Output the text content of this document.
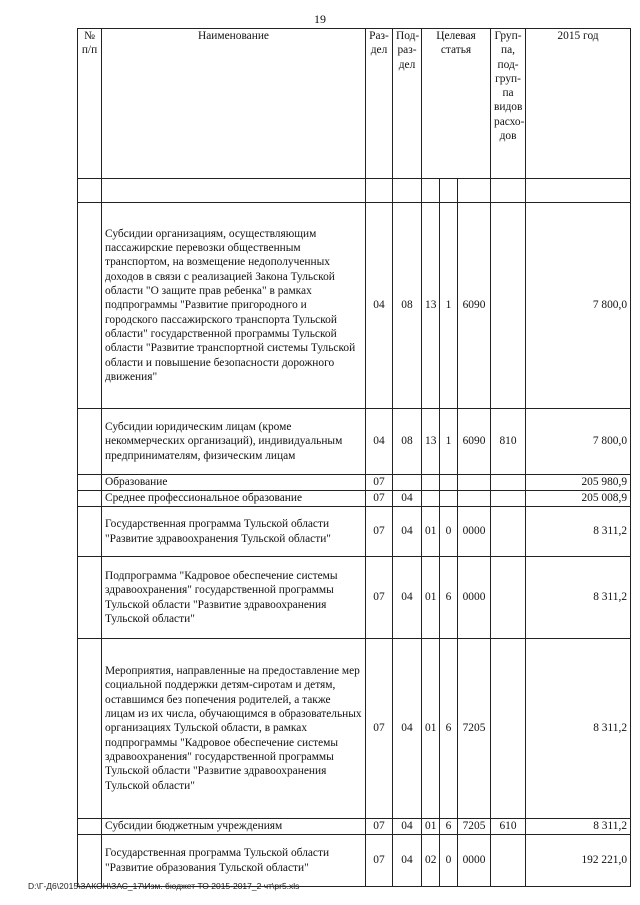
19
№ п/п	Наименование	Раз-дел	Под-раз-дел	Целевая статья			Груп-па, под-груп-па видов расхо-дов	2015 год

	Субсидии организациям, осуществляющим пассажирские перевозки общественным транспортом, на возмещение недополученных доходов в связи с реализацией Закона Тульской области "О защите прав ребенка" в рамках подпрограммы "Развитие пригородного и городского пассажирского транспорта Тульской области" государственной программы Тульской области "Развитие транспортной системы Тульской области и повышение безопасности дорожного движения"	04	08	13	1	6090		7 800,0
	Субсидии юридическим лицам (кроме некоммерческих организаций), индивидуальным предпринимателям, физическим лицам	04	08	13	1	6090	810	7 800,0
	Образование	07						205 980,9
	Среднее профессиональное образование	07	04					205 008,9
	Государственная программа Тульской области "Развитие здравоохранения Тульской области"	07	04	01	0	0000		8 311,2
	Подпрограмма "Кадровое обеспечение системы здравоохранения" государственной программы Тульской области "Развитие здравоохранения Тульской области"	07	04	01	6	0000		8 311,2
	Мероприятия, направленные на предоставление мер социальной поддержки детям-сиротам и детям, оставшимся без попечения родителей, а также лицам из их числа, обучающимся в образовательных организациях Тульской области, в рамках подпрограммы "Кадровое обеспечение системы здравоохранения" государственной программы Тульской области "Развитие здравоохранения Тульской области"	07	04	01	6	7205		8 311,2
	Субсидии бюджетным учреждениям	07	04	01	6	7205	610	8 311,2
	Государственная программа Тульской области "Развитие образования Тульской области"	07	04	02	0	0000		192 221,0
D:\Г-Д6\2015\ЗАКОН\ЗАС_17\Изм. бюджет ТО 2015-2017_2 чт\pr5.xls
